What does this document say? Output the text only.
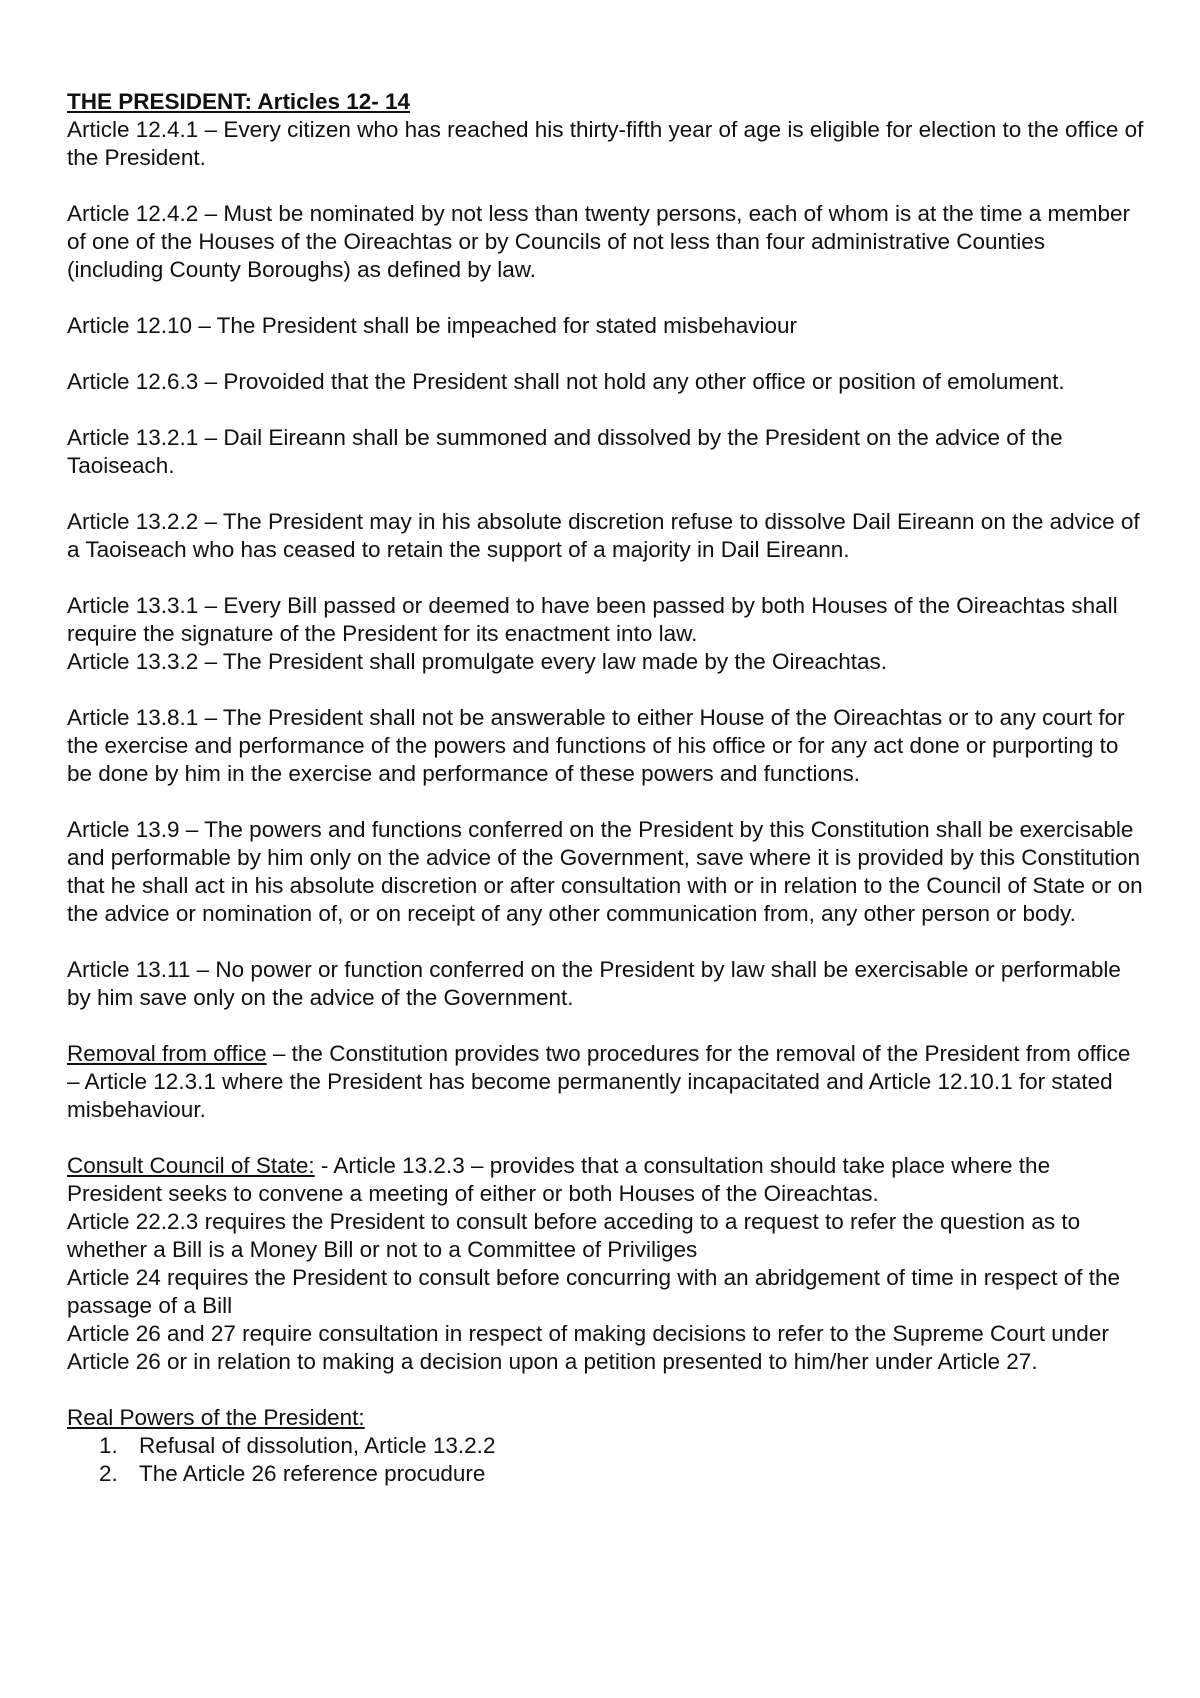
THE PRESIDENT: Articles 12- 14

Article 12.4.1 – Every citizen who has reached his thirty-fifth year of age is eligible for election to the office of the President.

Article 12.4.2 – Must be nominated by not less than twenty persons, each of whom is at the time a member of one of the Houses of the Oireachtas or by Councils of not less than four administrative Counties (including County Boroughs) as defined by law.

Article 12.10 – The President shall be impeached for stated misbehaviour

Article 12.6.3 – Provoided that the President shall not hold any other office or position of emolument.

Article 13.2.1 – Dail Eireann shall be summoned and dissolved by the President on the advice of the Taoiseach.

Article 13.2.2 – The President may in his absolute discretion refuse to dissolve Dail Eireann on the advice of a Taoiseach who has ceased to retain the support of a majority in Dail Eireann.

Article 13.3.1 – Every Bill passed or deemed to have been passed by both Houses of the Oireachtas shall require the signature of the President for its enactment into law.

Article 13.3.2 – The President shall promulgate every law made by the Oireachtas.

Article 13.8.1 – The President shall not be answerable to either House of the Oireachtas or to any court for the exercise and performance of the powers and functions of his office or for any act done or purporting to be done by him in the exercise and performance of these powers and functions.

Article 13.9 – The powers and functions conferred on the President by this Constitution shall be exercisable and performable by him only on the advice of the Government, save where it is provided by this Constitution that he shall act in his absolute discretion or after consultation with or in relation to the Council of State or on the advice or nomination of, or on receipt of any other communication from, any other person or body.

Article 13.11 – No power or function conferred on the President by law shall be exercisable or performable by him save only on the advice of the Government.

Removal from office – the Constitution provides two procedures for the removal of the President from office – Article 12.3.1 where the President has become permanently incapacitated and Article 12.10.1 for stated misbehaviour.

Consult Council of State: - Article 13.2.3 – provides that a consultation should take place where the President seeks to convene a meeting of either or both Houses of the Oireachtas.

Article 22.2.3 requires the President to consult before acceding to a request to refer the question as to whether a Bill is a Money Bill or not to a Committee of Priviliges

Article 24 requires the President to consult before concurring with an abridgement of time in respect of the passage of a Bill

Article 26 and 27 require consultation in respect of making decisions to refer to the Supreme Court under Article 26 or in relation to making a decision upon a petition presented to him/her under Article 27.

Real Powers of the President:

1. Refusal of dissolution, Article 13.2.2
2. The Article 26 reference procudure
